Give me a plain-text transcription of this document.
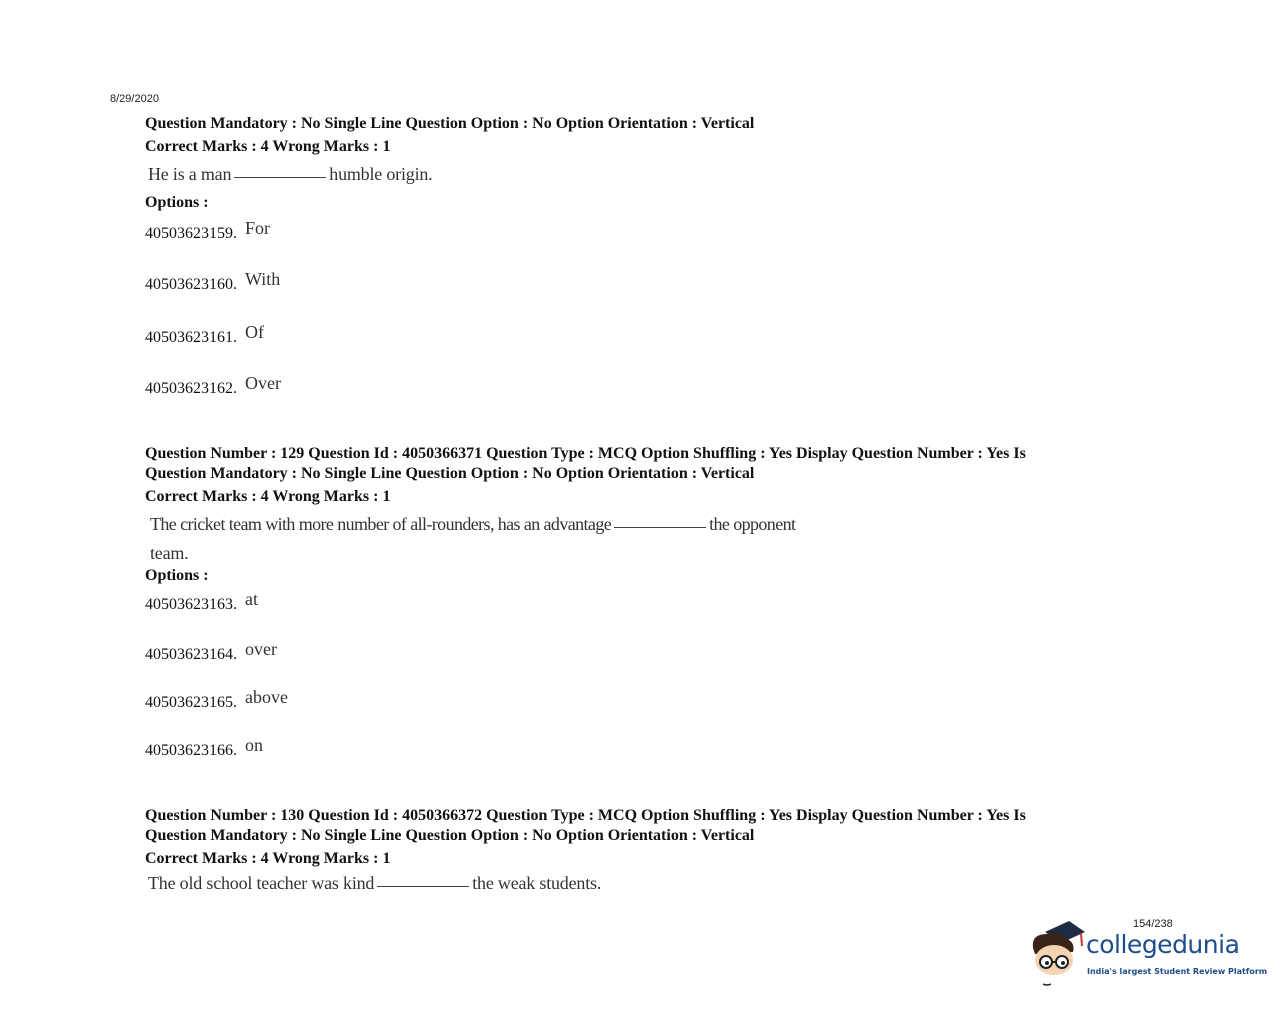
8/29/2020
Question Mandatory : No Single Line Question Option : No Option Orientation : Vertical
Correct Marks : 4 Wrong Marks : 1
He is a man	humble origin.
Options :
40503623159. For
40503623160. With
40503623161. Of
40503623162. Over
Question Number : 129 Question Id : 4050366371 Question Type : MCQ Option Shuffling : Yes Display Question Number : Yes Is
Question Mandatory : No Single Line Question Option : No Option Orientation : Vertical
Correct Marks : 4 Wrong Marks : 1
The cricket team with more number of all-rounders, has an advantage	the opponent
team.
Options :
40503623163. at
40503623164. over
40503623165. above
40503623166. on
Question Number : 130 Question Id : 4050366372 Question Type : MCQ Option Shuffling : Yes Display Question Number : Yes Is
Question Mandatory : No Single Line Question Option : No Option Orientation : Vertical
Correct Marks : 4 Wrong Marks : 1
The old school teacher was kind	the weak students.
154/238
collegedunia
India's largest Student Review Platform
